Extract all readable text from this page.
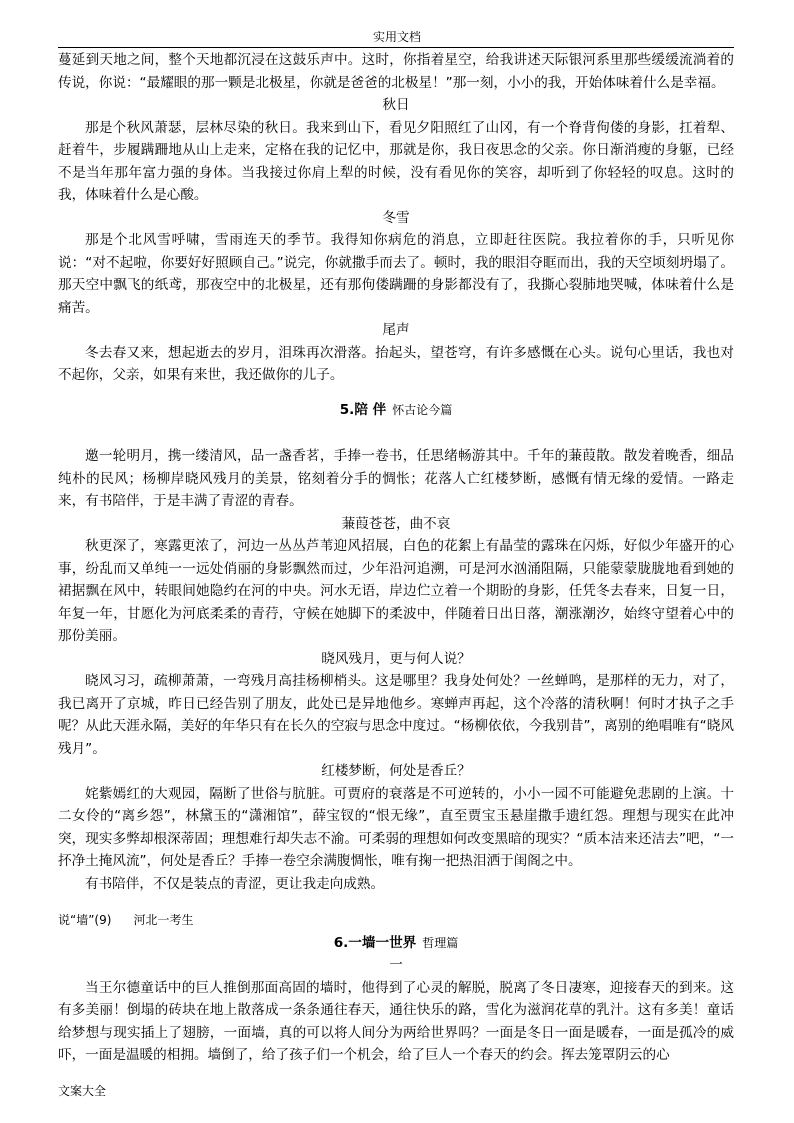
实用文档

蔓延到天地之间，整个天地都沉浸在这鼓乐声中。这时，你指着星空，给我讲述天际银河系里那些缓缓流淌着的传说，你说：“最耀眼的那一颗是北极星，你就是爸爸的北极星！”那一刻，小小的我，开始体味着什么是幸福。

秋日

那是个秋风萧瑟，层林尽染的秋日。我来到山下，看见夕阳照红了山冈，有一个脊背佝偻的身影，扛着犁、赶着牛，步履蹒跚地从山上走来，定格在我的记忆中，那就是你，我日夜思念的父亲。你日渐消瘦的身躯，已经不是当年那年富力强的身体。当我接过你肩上犁的时候，没有看见你的笑容，却听到了你轻轻的叹息。这时的我，体味着什么是心酸。

冬雪

那是个北风雪呼啸，雪雨连天的季节。我得知你病危的消息，立即赶往医院。我拉着你的手，只听见你说：“对不起啦，你要好好照顾自己。”说完，你就撒手而去了。顿时，我的眼泪夺眶而出，我的天空顷刻坍塌了。那天空中飘飞的纸鸢，那夜空中的北极星，还有那佝偻蹒跚的身影都没有了，我撕心裂肺地哭喊，体味着什么是痛苦。

尾声

冬去春又来，想起逝去的岁月，泪珠再次滑落。抬起头，望苍穹，有许多感慨在心头。说句心里话，我也对不起你，父亲，如果有来世，我还做你的儿子。

5.陪 伴 怀古论今篇

邀一轮明月，携一缕清风，品一盏香茗，手捧一卷书，任思绪畅游其中。千年的蒹葭散。散发着晚香，细品纯朴的民风；杨柳岸晓风残月的美景，铭刻着分手的惆怅；花落人亡红楼梦断，感慨有情无缘的爱情。一路走来，有书陪伴，于是丰满了青涩的青春。

蒹葭苍苍，曲不哀

秋更深了，寒露更浓了，河边一丛丛芦苇迎风招展，白色的花絮上有晶莹的露珠在闪烁，好似少年盛开的心事，纷乱而又单纯一一远处俏丽的身影飘然而过，少年沿河追溯，可是河水汹涌阻隔，只能蒙蒙胧胧地看到她的裙据飘在风中，转眼间她隐约在河的中央。河水无语，岸边伫立着一个期盼的身影，任凭冬去春来，日复一日，年复一年，甘愿化为河底柔柔的青荇，守候在她脚下的柔波中，伴随着日出日落，潮涨潮汐，始终守望着心中的那份美丽。

晓风残月，更与何人说？

晓风习习，疏柳萧萧，一弯残月高挂杨柳梢头。这是哪里？我身处何处？一丝蝉鸣，是那样的无力，对了，我已离开了京城，昨日已经告别了朋友，此处已是异地他乡。寒蝉声再起，这个冷落的清秋啊！何时才执子之手呢？从此天涯永隔，美好的年华只有在长久的空寂与思念中度过。“杨柳依依，今我别昔”，离别的绝唱唯有“晓风残月”。

红楼梦断，何处是香丘？

姹紫嫣红的大观园，隔断了世俗与肮脏。可贾府的衰落是不可逆转的，小小一园不可能避免悲剧的上演。十二女伶的“离乡怨”，林黛玉的“潇湘馆”，薛宝钗的“恨无缘”，直至贾宝玉悬崖撒手遗红怨。理想与现实在此冲突，现实多弊却根深蒂固；理想难行却失志不渝。可柔弱的理想如何改变黑暗的现实？“质本洁来还洁去”吧，“一抔净土掩风流”，何处是香丘？手捧一卷空余满腹惆怅，唯有掬一把热泪洒于闺阁之中。

有书陪伴，不仅是装点的青涩，更让我走向成熟。

说“墙”(9) 河北一考生

6.一墙一世界 哲理篇

一

当王尔德童话中的巨人推倒那面高固的墙时，他得到了心灵的解脱，脱离了冬日凄寒，迎接春天的到来。这有多美丽！倒塌的砖块在地上散落成一条条通往春天，通往快乐的路，雪化为滋润花草的乳汁。这有多美！童话给梦想与现实插上了翅膀，一面墙，真的可以将人间分为两给世界吗？一面是冬日一面是暖春，一面是孤冷的威吓，一面是温暖的相拥。墙倒了，给了孩子们一个机会，给了巨人一个春天的约会。挥去笼罩阴云的心

文案大全
